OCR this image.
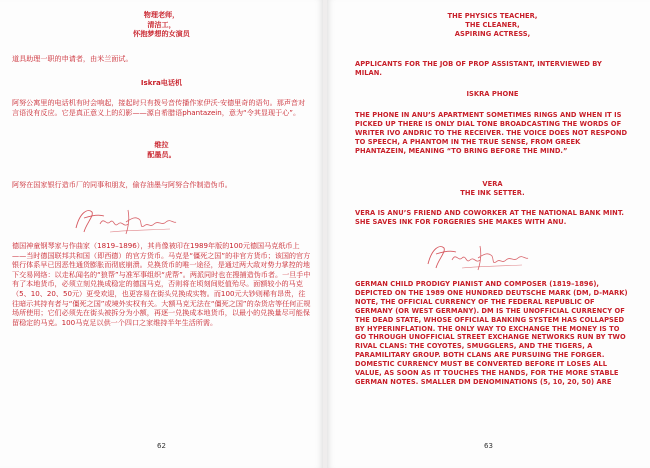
物理老师，
清洁工，
怀抱梦想的女演员
道具助理一职的申请者，由米兰面试。
Iskra电话机
阿努公寓里的电话机有时会响起，接起时只有拨号音传播作家伊沃·安德里奇的语句。那声音对言语没有反应。它是真正意义上的幻影——源自希腊语phantazein，意为“令其显现于心”。
维拉
配墨员。
阿努在国家银行造币厂的同事和朋友，偷存油墨与阿努合作制造伪币。
德国神童钢琴家与作曲家（1819–1896），其肖像被印在1989年版的100元德国马克纸币上——当时德国联邦共和国（即西德）的官方货币。马克是“僵死之国”的非官方货币；该国的官方银行体系早已因恶性通货膨胀而彻底崩溃。兑换货币的唯一途径，是通过两大敌对势力掌控的地下交易网络：以走私闻名的“狼帮”与准军事组织“虎帮”。两派同时也在搜捕造伪币者。一旦手中有了本地货币，必须立刻兑换成稳定的德国马克，否则将在顷刻间贬值殆尽。面额较小的马克（5、10、20、50元）更受欢迎，也更容易在街头兑换成实物。而100元大钞则稀有昂贵，往往暗示其持有者与“僵死之国”或境外实权有关。大额马克无法在“僵死之国”的杂货店等任何正规场所使用；它们必须先在街头被拆分为小额，再逐一兑换成本地货币，以最小的兑换量尽可能保留稳定的马克。100马克足以供一个四口之家维持半年生活所需。
62
THE PHYSICS TEACHER,
THE CLEANER,
ASPIRING ACTRESS,
APPLICANTS FOR THE JOB OF PROP ASSISTANT, INTERVIEWED BY MILAN.
ISKRA PHONE
THE PHONE IN ANU’S APARTMENT SOMETIMES RINGS AND WHEN IT IS PICKED UP THERE IS ONLY DIAL TONE BROADCASTING THE WORDS OF WRITER IVO ANDRIC TO THE RECEIVER. THE VOICE DOES NOT RESPOND TO SPEECH, A PHANTOM IN THE TRUE SENSE, FROM GREEK PHANTAZEIN, MEANING “TO BRING BEFORE THE MIND.”
VERA
THE INK SETTER.
VERA IS ANU’S FRIEND AND COWORKER AT THE NATIONAL BANK MINT. SHE SAVES INK FOR FORGERIES SHE MAKES WITH ANU.
GERMAN CHILD PRODIGY PIANIST AND COMPOSER (1819–1896), DEPICTED ON THE 1989 ONE HUNDRED DEUTSCHE MARK (DM, D-MARK) NOTE, THE OFFICIAL CURRENCY OF THE FEDERAL REPUBLIC OF GERMANY (OR WEST GERMANY). DM IS THE UNOFFICIAL CURRENCY OF THE DEAD STATE, WHOSE OFFICIAL BANKING SYSTEM HAS COLLAPSED BY HYPERINFLATION. THE ONLY WAY TO EXCHANGE THE MONEY IS TO GO THROUGH UNOFFICIAL STREET EXCHANGE NETWORKS RUN BY TWO RIVAL CLANS: THE COYOTES, SMUGGLERS, AND THE TIGERS, A PARAMILITARY GROUP. BOTH CLANS ARE PURSUING THE FORGER. DOMESTIC CURRENCY MUST BE CONVERTED BEFORE IT LOSES ALL VALUE, AS SOON AS IT TOUCHES THE HANDS, FOR THE MORE STABLE GERMAN NOTES. SMALLER DM DENOMINATIONS (5, 10, 20, 50) ARE
63
